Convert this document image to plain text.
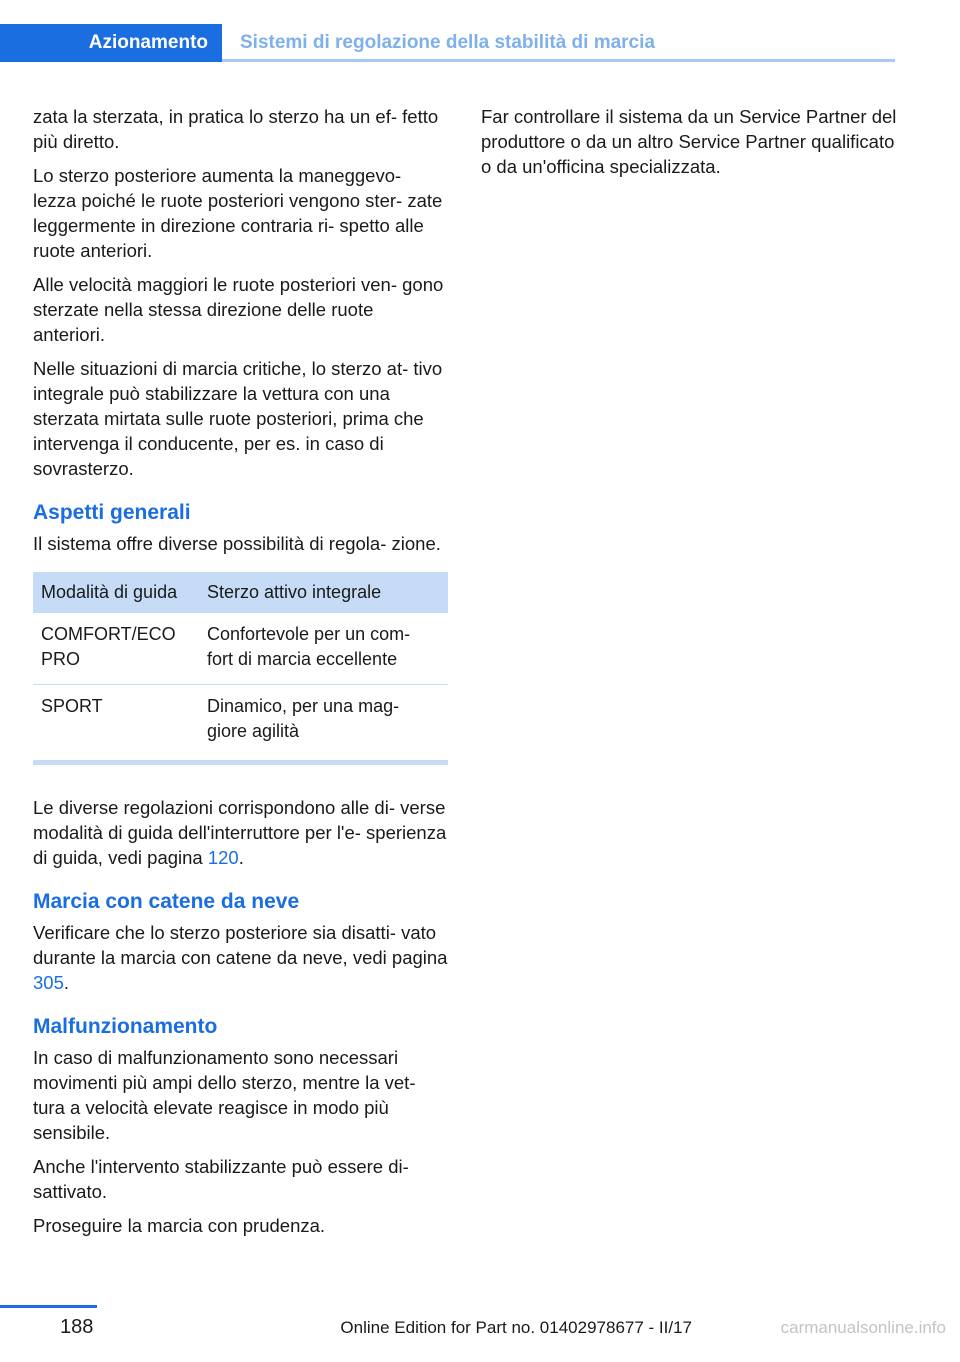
Azionamento	Sistemi di regolazione della stabilità di marcia

zata la sterzata, in pratica lo sterzo ha un ef‐ fetto più diretto.

Lo sterzo posteriore aumenta la maneggevo‐ lezza poiché le ruote posteriori vengono ster‐ zate leggermente in direzione contraria ri‐ spetto alle ruote anteriori.

Alle velocità maggiori le ruote posteriori ven‐ gono sterzate nella stessa direzione delle ruote anteriori.

Nelle situazioni di marcia critiche, lo sterzo at‐ tivo integrale può stabilizzare la vettura con una sterzata mirtata sulle ruote posteriori, prima che intervenga il conducente, per es. in caso di sovrasterzo.

Aspetti generali

Il sistema offre diverse possibilità di regola‐ zione.

Modalità di guida	Sterzo attivo integrale
COMFORT/ECO PRO	Confortevole per un com‐ fort di marcia eccellente
SPORT	Dinamico, per una mag‐ giore agilità

Le diverse regolazioni corrispondono alle di‐ verse modalità di guida dell'interruttore per l'e‐ sperienza di guida, vedi pagina 120.

Marcia con catene da neve

Verificare che lo sterzo posteriore sia disatti‐ vato durante la marcia con catene da neve, vedi pagina 305.

Malfunzionamento

In caso di malfunzionamento sono necessari movimenti più ampi dello sterzo, mentre la vet‐ tura a velocità elevate reagisce in modo più sensibile.

Anche l'intervento stabilizzante può essere di‐ sattivato.

Proseguire la marcia con prudenza.

Far controllare il sistema da un Service Partner del produttore o da un altro Service Partner qualificato o da un'officina specializzata.

188	Online Edition for Part no. 01402978677 - II/17	carmanualsonline.info
